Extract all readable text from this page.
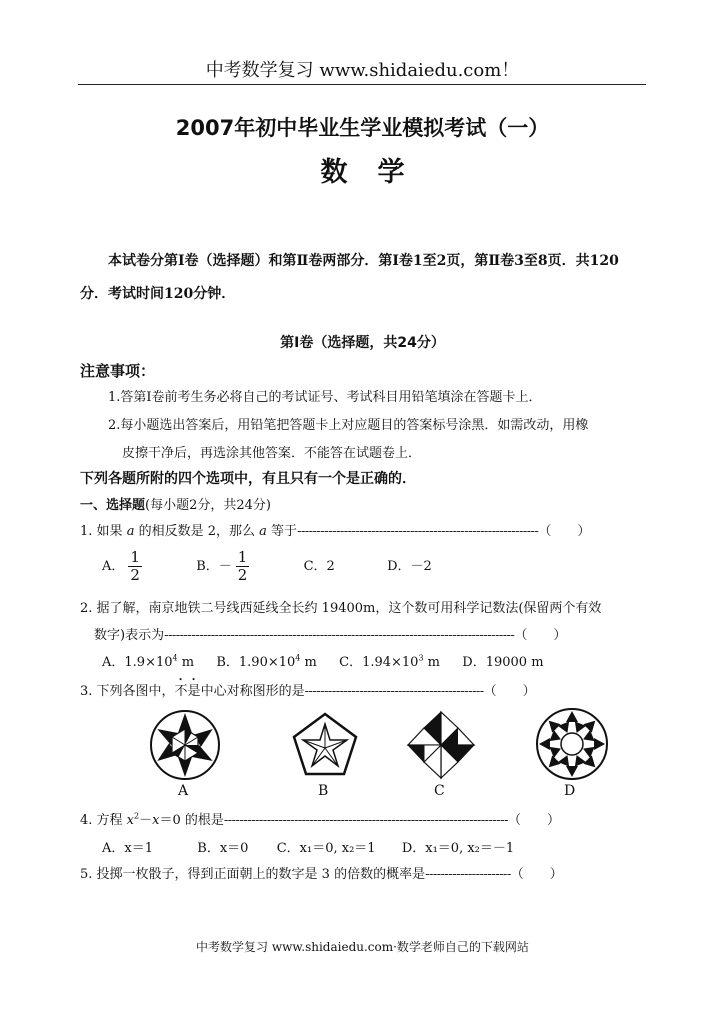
中考数学复习 www.shidaiedu.com！
2007年初中毕业生学业模拟考试（一）
数学
本试卷分第Ⅰ卷（选择题）和第Ⅱ卷两部分．第Ⅰ卷1至2页，第Ⅱ卷3至8页．共120
分．考试时间120分钟．
第Ⅰ卷（选择题，共24分）
注意事项：
1.答第Ⅰ卷前考生务必将自己的考试证号、考试科目用铅笔填涂在答题卡上．
2.每小题选出答案后，用铅笔把答题卡上对应题目的答案标号涂黑．如需改动，用橡
皮擦干净后，再选涂其他答案．不能答在试题卷上．
下列各题所附的四个选项中，有且只有一个是正确的．
一、选择题(每小题2分，共24分)
1. 如果 a 的相反数是 2，那么 a 等于--------------------------------------------------------------（　　）
A． $\frac{1}{2}$	B．－ $\frac{1}{2}$	C．2	D．－2
2. 据了解，南京地铁二号线西延线全长约 19400m，这个数可用科学记数法(保留两个有效
数字)表示为------------------------------------------------------------------------------------------（　　）
A．$1.9\times 10^4$ m B．$1.90\times 10^4$ m C．$1.94\times 10^3$ m D．19000 m
3. 下列各图中，不是中心对称图形的是----------------------------------------------（　　）
A	B	C	D
4. 方程 $x^2-x=0$ 的根是-------------------------------------------------------------------------（　　）
A．x＝1	B．x＝0 C．x₁＝0, x₂＝1 D．x₁＝0, x₂＝－1
5. 投掷一枚骰子，得到正面朝上的数字是 3 的倍数的概率是----------------------（　　）
中考数学复习 www.shidaiedu.com·数学老师自己的下载网站
